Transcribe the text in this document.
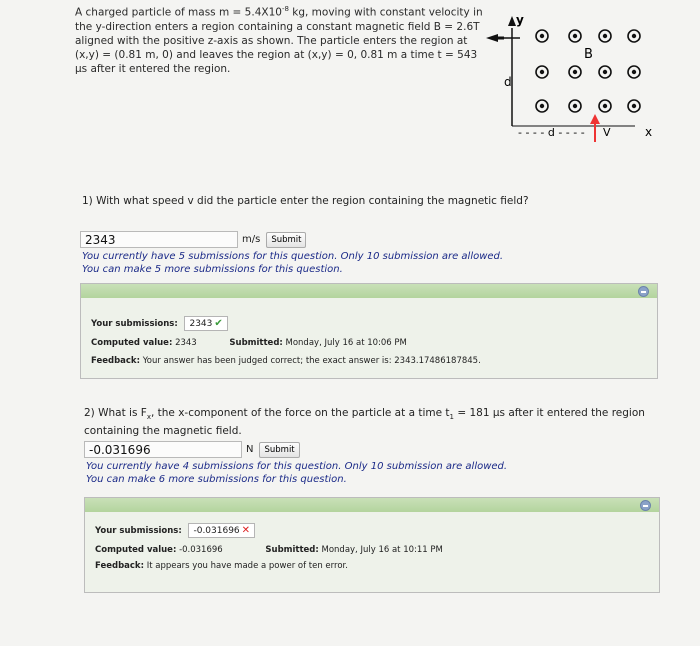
A charged particle of mass $m = 5.4X10^{-8}$ kg, moving with constant velocity in the y-direction enters a region containing a constant magnetic field B = 2.6T aligned with the positive z-axis as shown. The particle enters the region at (x,y) = (0.81 m, 0) and leaves the region at (x,y) = 0, 0.81 m a time t = 543 μs after it entered the region.
y
x
d
- - - - d - - - - V
B
1) With what speed v did the particle enter the region containing the magnetic field?
2343
m/s	Submit
You currently have 5 submissions for this question. Only 10 submission are allowed.
You can make 5 more submissions for this question.
Your submissions: 2343 ✔
Computed value: 2343	Submitted: Monday, July 16 at 10:06 PM
Feedback: Your answer has been judged correct; the exact answer is: 2343.17486187845.
2) What is $F_x$, the x-component of the force on the particle at a time $t_1 = 181$ μs after it entered the region containing the magnetic field.
-0.031696
N	Submit
You currently have 4 submissions for this question. Only 10 submission are allowed.
You can make 6 more submissions for this question.
Your submissions: -0.031696 ✕
Computed value: -0.031696	Submitted: Monday, July 16 at 10:11 PM
Feedback: It appears you have made a power of ten error.
